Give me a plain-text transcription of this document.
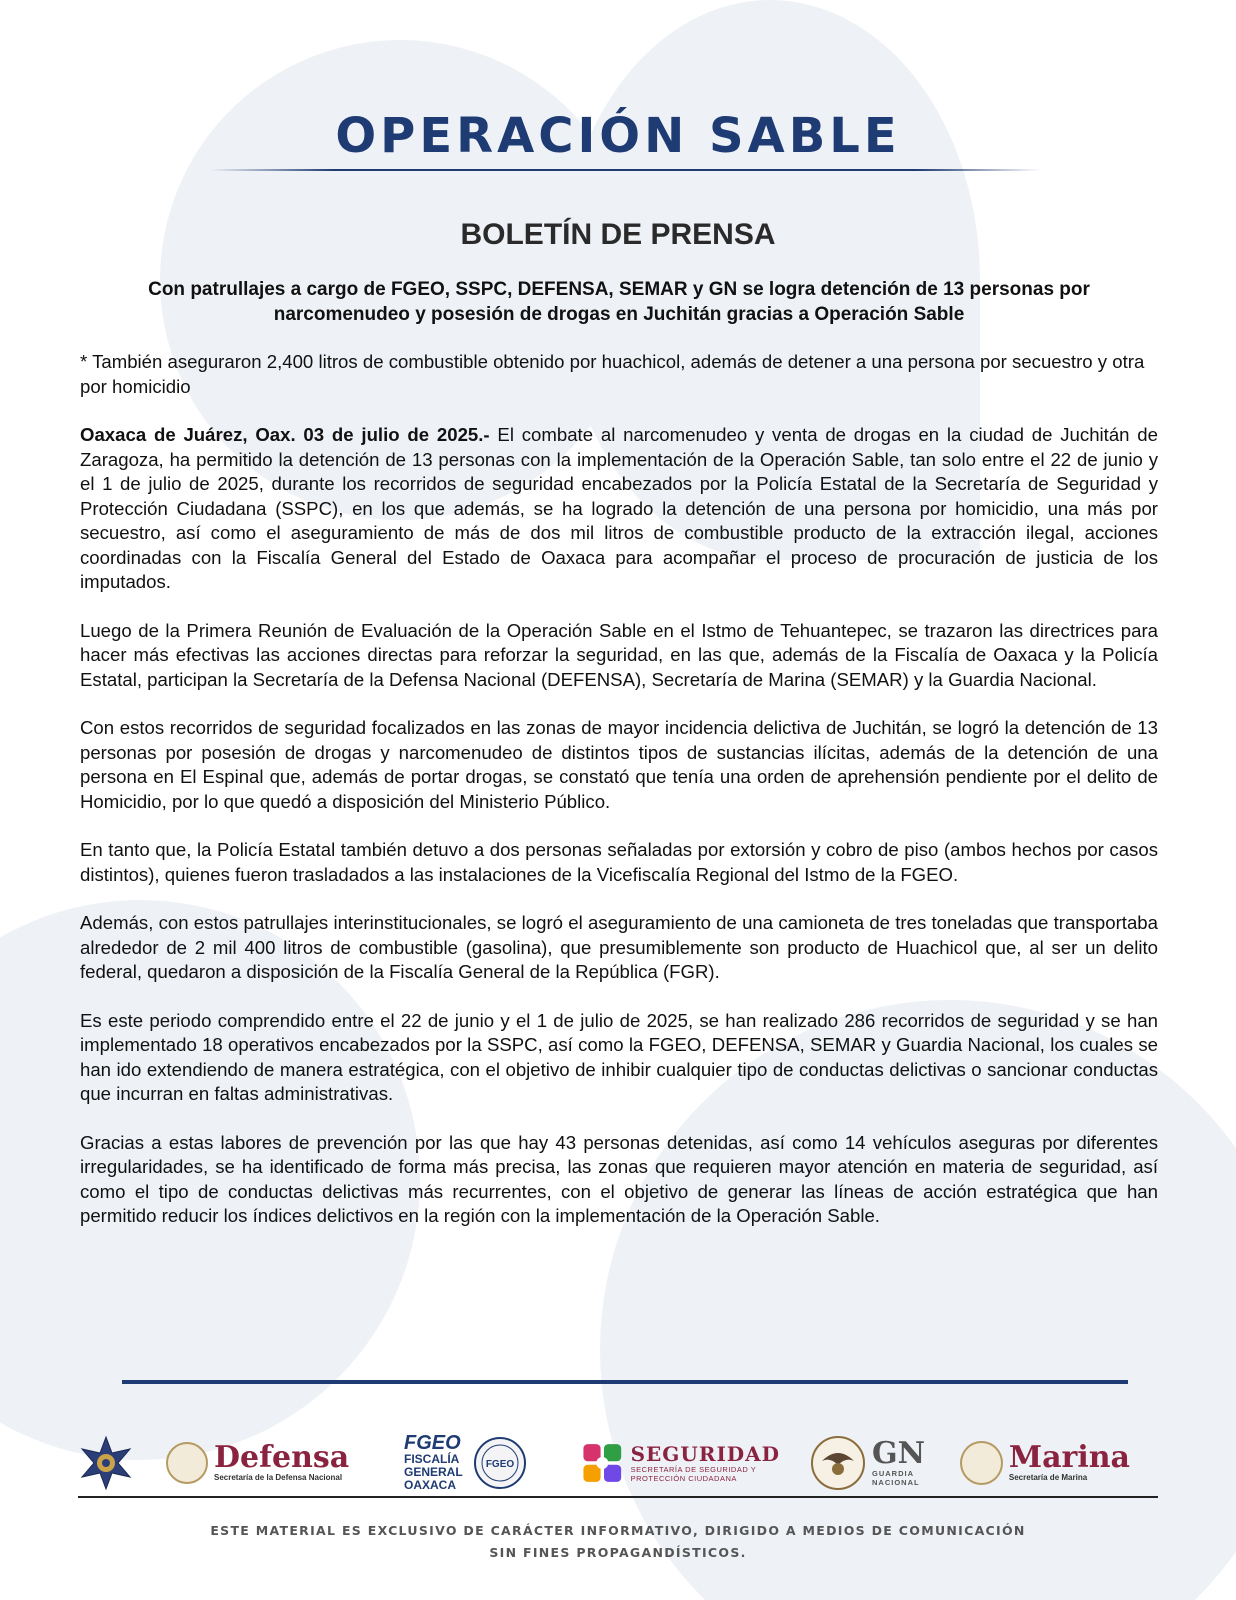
OPERACIÓN SABLE
BOLETÍN DE PRENSA
Con patrullajes a cargo de FGEO, SSPC, DEFENSA, SEMAR y GN se logra detención de 13 personas por narcomenudeo y posesión de drogas en Juchitán gracias a Operación Sable

* También aseguraron 2,400 litros de combustible obtenido por huachicol, además de detener a una persona por secuestro y otra por homicidio

Oaxaca de Juárez, Oax. 03 de julio de 2025.- El combate al narcomenudeo y venta de drogas en la ciudad de Juchitán de Zaragoza, ha permitido la detención de 13 personas con la implementación de la Operación Sable, tan solo entre el 22 de junio y el 1 de julio de 2025, durante los recorridos de seguridad encabezados por la Policía Estatal de la Secretaría de Seguridad y Protección Ciudadana (SSPC), en los que además, se ha logrado la detención de una persona por homicidio, una más por secuestro, así como el aseguramiento de más de dos mil litros de combustible producto de la extracción ilegal, acciones coordinadas con la Fiscalía General del Estado de Oaxaca para acompañar el proceso de procuración de justicia de los imputados.

Luego de la Primera Reunión de Evaluación de la Operación Sable en el Istmo de Tehuantepec, se trazaron las directrices para hacer más efectivas las acciones directas para reforzar la seguridad, en las que, además de la Fiscalía de Oaxaca y la Policía Estatal, participan la Secretaría de la Defensa Nacional (DEFENSA), Secretaría de Marina (SEMAR) y la Guardia Nacional.

Con estos recorridos de seguridad focalizados en las zonas de mayor incidencia delictiva de Juchitán, se logró la detención de 13 personas por posesión de drogas y narcomenudeo de distintos tipos de sustancias ilícitas, además de la detención de una persona en El Espinal que, además de portar drogas, se constató que tenía una orden de aprehensión pendiente por el delito de Homicidio, por lo que quedó a disposición del Ministerio Público.

En tanto que, la Policía Estatal también detuvo a dos personas señaladas por extorsión y cobro de piso (ambos hechos por casos distintos), quienes fueron trasladados a las instalaciones de la Vicefiscalía Regional del Istmo de la FGEO.

Además, con estos patrullajes interinstitucionales, se logró el aseguramiento de una camioneta de tres toneladas que transportaba alrededor de 2 mil 400 litros de combustible (gasolina), que presumiblemente son producto de Huachicol que, al ser un delito federal, quedaron a disposición de la Fiscalía General de la República (FGR).

Es este periodo comprendido entre el 22 de junio y el 1 de julio de 2025, se han realizado 286 recorridos de seguridad y se han implementado 18 operativos encabezados por la SSPC, así como la FGEO, DEFENSA, SEMAR y Guardia Nacional, los cuales se han ido extendiendo de manera estratégica, con el objetivo de inhibir cualquier tipo de conductas delictivas o sancionar conductas que incurran en faltas administrativas.

Gracias a estas labores de prevención por las que hay 43 personas detenidas, así como 14 vehículos aseguras por diferentes irregularidades, se ha identificado de forma más precisa, las zonas que requieren mayor atención en materia de seguridad, así como el tipo de conductas delictivas más recurrentes, con el objetivo de generar las líneas de acción estratégica que han permitido reducir los índices delictivos en la región con la implementación de la Operación Sable.

Defensa
Secretaría de la Defensa Nacional
FGEO
FISCALÍA
GENERAL
OAXACA
FGEO	SEGURIDAD
SECRETARÍA DE SEGURIDAD Y
PROTECCIÓN CIUDADANA
GN
GUARDIA
NACIONAL
Marina
Secretaría de Marina
ESTE MATERIAL ES EXCLUSIVO DE CARÁCTER INFORMATIVO, DIRIGIDO A MEDIOS DE COMUNICACIÓN
SIN FINES PROPAGANDÍSTICOS.
